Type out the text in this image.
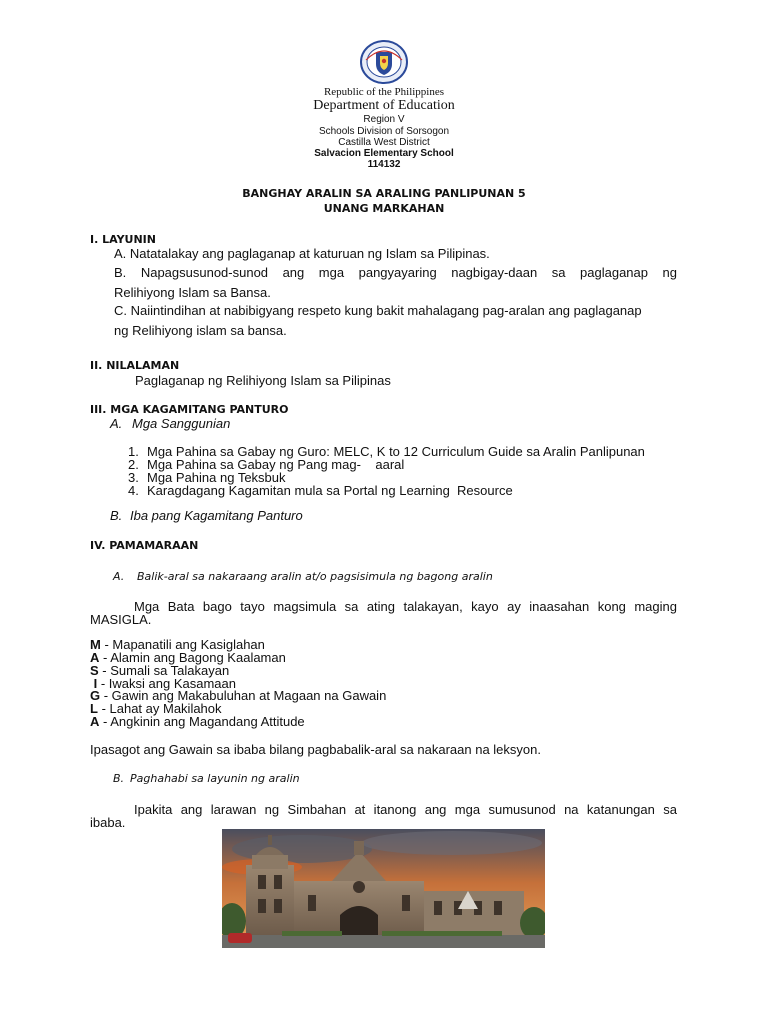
Republic of the Philippines
Department of Education
Region V
Schools Division of Sorsogon
Castilla West District
Salvacion Elementary School
114132
BANGHAY ARALIN SA ARALING PANLIPUNAN 5
UNANG MARKAHAN
I. LAYUNIN
A. Natatalakay ang paglaganap at katuruan ng Islam sa Pilipinas.
B. Napagsusunod-sunod ang mga pangyayaring nagbigay-daan sa paglaganap ng
Relihiyong Islam sa Bansa.
C. Naiintindihan at nabibigyang respeto kung bakit mahalagang pag-aralan ang paglaganap
ng Relihiyong islam sa bansa.
II. NILALAMAN
Paglaganap ng Relihiyong Islam sa Pilipinas
III. MGA KAGAMITANG PANTURO
A. Mga Sanggunian
1. Mga Pahina sa Gabay ng Guro: MELC, K to 12 Curriculum Guide sa Aralin Panlipunan
2. Mga Pahina sa Gabay ng Pang mag-    aaral
3. Mga Pahina ng Teksbuk
4. Karagdagang Kagamitan mula sa Portal ng Learning  Resource
B. Iba pang Kagamitang Panturo
IV. PAMAMARAAN
A. Balik-aral sa nakaraang aralin at/o pagsisimula ng bagong aralin
Mga Bata bago tayo magsimula sa ating talakayan, kayo ay inaasahan kong maging
MASIGLA.
M - Mapanatili ang Kasiglahan
A - Alamin ang Bagong Kaalaman
S - Sumali sa Talakayan
I - Iwaksi ang Kasamaan
G - Gawin ang Makabuluhan at Magaan na Gawain
L - Lahat ay Makilahok
A - Angkinin ang Magandang Attitude
Ipasagot ang Gawain sa ibaba bilang pagbabalik-aral sa nakaraan na leksyon.
B. Paghahabi sa layunin ng aralin
Ipakita ang larawan ng Simbahan at itanong ang mga sumusunod na katanungan sa
ibaba.
